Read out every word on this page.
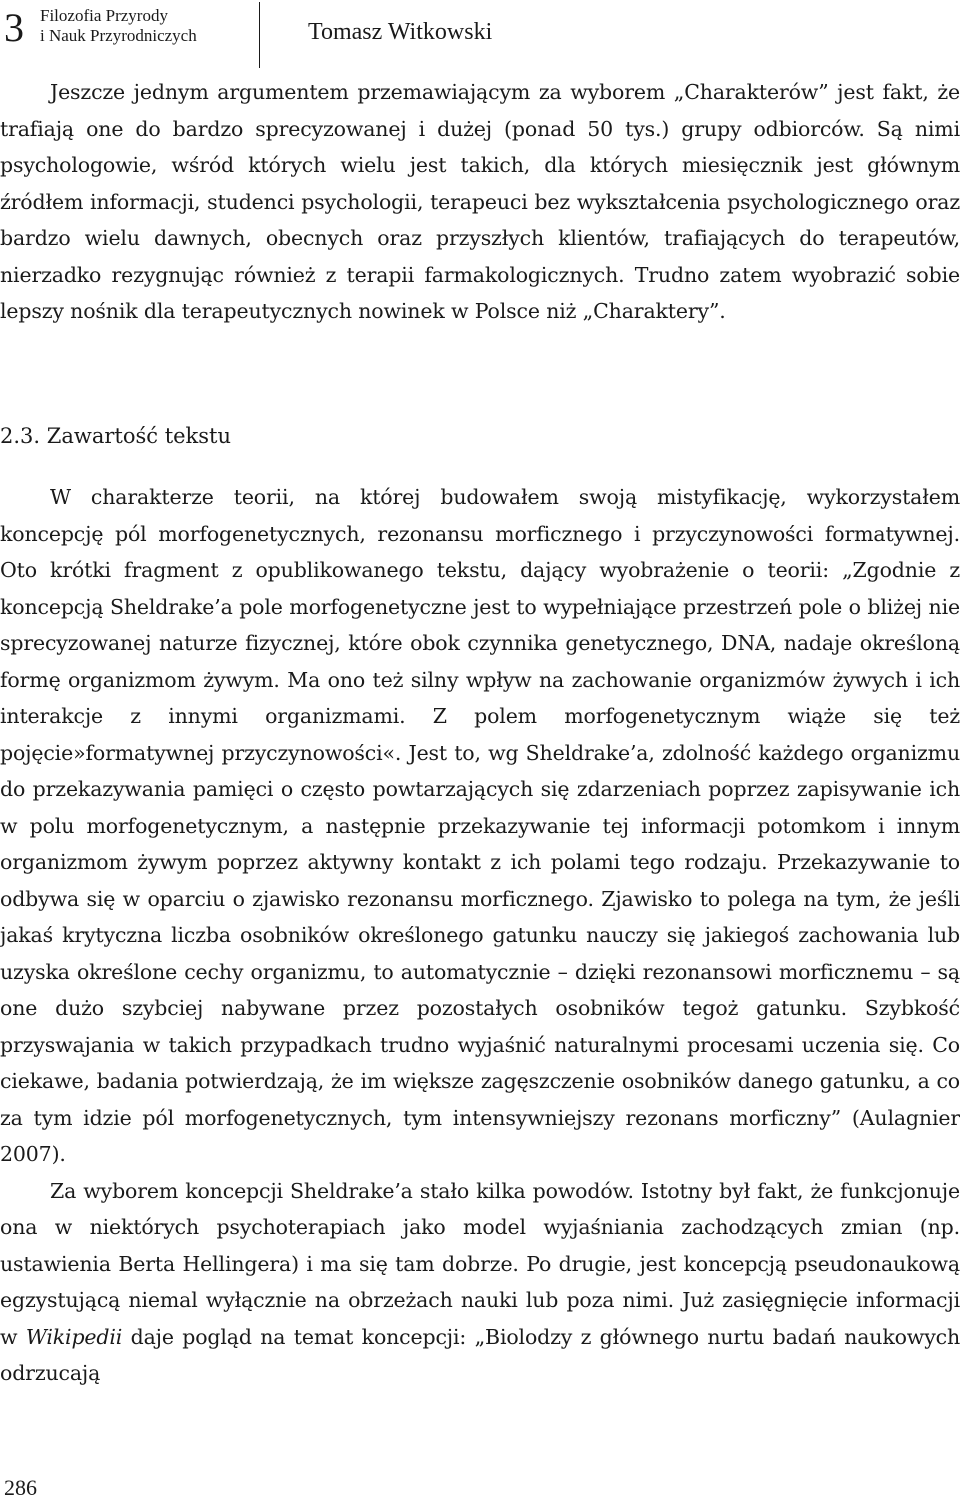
3 Filozofia Przyrody
i Nauk Przyrodniczych	Tomasz Witkowski

Jeszcze jednym argumentem przemawiającym za wyborem „Charakterów” jest fakt, że trafiają one do bardzo sprecyzowanej i dużej (ponad 50 tys.) grupy odbiorców. Są nimi psychologowie, wśród których wielu jest takich, dla których miesięcznik jest głównym źródłem informacji, studenci psychologii, terapeuci bez wykształcenia psychologicznego oraz bardzo wielu dawnych, obecnych oraz przyszłych klientów, trafiających do terapeutów, nierzadko rezygnując również z terapii farmakologicznych. Trudno zatem wyobrazić sobie lepszy nośnik dla terapeutycznych nowinek w Polsce niż „Charaktery”.

2.3. Zawartość tekstu

W charakterze teorii, na której budowałem swoją mistyfikację, wykorzystałem koncepcję pól morfogenetycznych, rezonansu morficznego i przyczynowości formatywnej. Oto krótki fragment z opublikowanego tekstu, dający wyobrażenie o teorii: „Zgodnie z koncepcją Sheldrake’a pole morfogenetyczne jest to wypełniające przestrzeń pole o bliżej nie sprecyzowanej naturze fizycznej, które obok czynnika genetycznego, DNA, nadaje określoną formę organizmom żywym. Ma ono też silny wpływ na zachowanie organizmów żywych i ich interakcje z innymi organizmami. Z polem morfogenetycznym wiąże się też pojęcie»formatywnej przyczynowości«. Jest to, wg Sheldrake’a, zdolność każdego organizmu do przekazywania pamięci o często powtarzających się zdarzeniach poprzez zapisywanie ich w polu morfogenetycznym, a następnie przekazywanie tej informacji potomkom i innym organizmom żywym poprzez aktywny kontakt z ich polami tego rodzaju. Przekazywanie to odbywa się w oparciu o zjawisko rezonansu morficznego. Zjawisko to polega na tym, że jeśli jakaś krytyczna liczba osobników określonego gatunku nauczy się jakiegoś zachowania lub uzyska określone cechy organizmu, to automatycznie – dzięki rezonansowi morficznemu – są one dużo szybciej nabywane przez pozostałych osobników tegoż gatunku. Szybkość przyswajania w takich przypadkach trudno wyjaśnić naturalnymi procesami uczenia się. Co ciekawe, badania potwierdzają, że im większe zagęszczenie osobników danego gatunku, a co za tym idzie pól morfogenetycznych, tym intensywniejszy rezonans morficzny” (Aulagnier 2007).

Za wyborem koncepcji Sheldrake’a stało kilka powodów. Istotny był fakt, że funkcjonuje ona w niektórych psychoterapiach jako model wyjaśniania zachodzących zmian (np. ustawienia Berta Hellingera) i ma się tam dobrze. Po drugie, jest koncepcją pseudonaukową egzystującą niemal wyłącznie na obrzeżach nauki lub poza nimi. Już zasięgnięcie informacji w Wikipedii daje pogląd na temat koncepcji: „Biolodzy z głównego nurtu badań naukowych odrzucają

286
